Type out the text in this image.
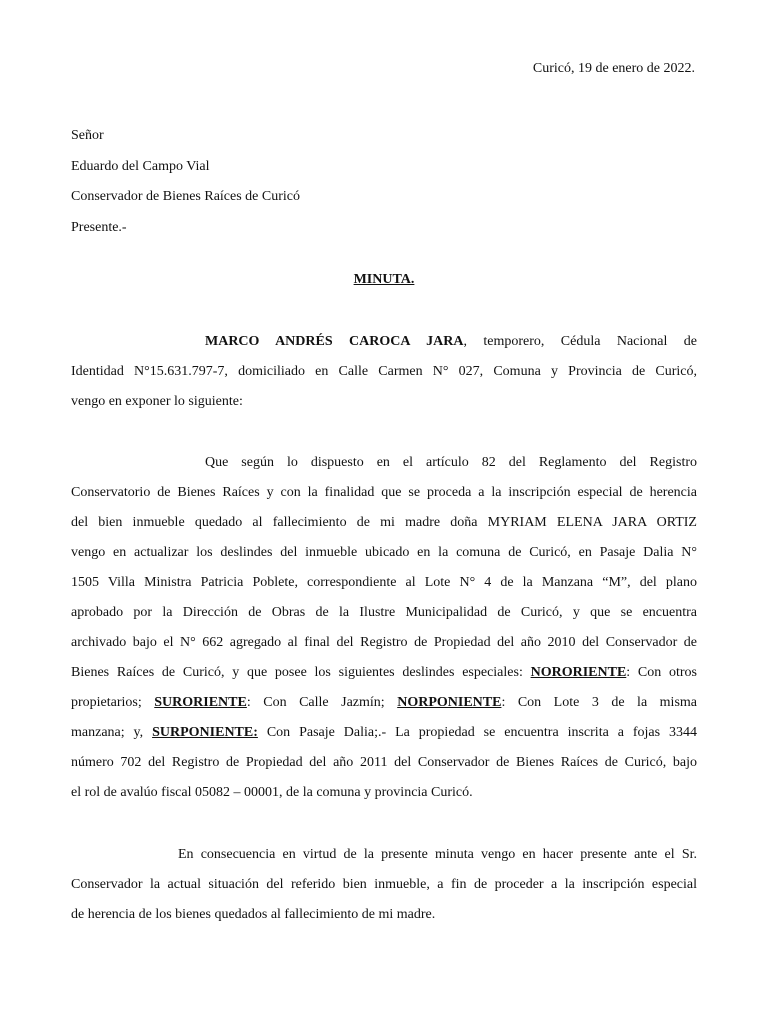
Curicó, 19 de enero de 2022.
Señor
Eduardo del Campo Vial
Conservador de Bienes Raíces de Curicó
Presente.-
MINUTA.
MARCO ANDRÉS CAROCA JARA, temporero, Cédula Nacional de
Identidad N°15.631.797-7, domiciliado en Calle Carmen N° 027, Comuna y Provincia de Curicó,
vengo en exponer lo siguiente:
Que según lo dispuesto en el artículo 82 del Reglamento del Registro
Conservatorio de Bienes Raíces y con la finalidad que se proceda a la inscripción especial de herencia
del bien inmueble quedado al fallecimiento de mi madre doña MYRIAM ELENA JARA ORTIZ
vengo en actualizar los deslindes del inmueble ubicado en la comuna de Curicó, en Pasaje Dalia N°
1505 Villa Ministra Patricia Poblete, correspondiente al Lote N° 4 de la Manzana “M”, del plano
aprobado por la Dirección de Obras de la Ilustre Municipalidad de Curicó, y que se encuentra
archivado bajo el N° 662 agregado al final del Registro de Propiedad del año 2010 del Conservador de
Bienes Raíces de Curicó, y que posee los siguientes deslindes especiales: NORORIENTE: Con otros
propietarios; SURORIENTE: Con Calle Jazmín; NORPONIENTE: Con Lote 3 de la misma
manzana; y, SURPONIENTE: Con Pasaje Dalia;.- La propiedad se encuentra inscrita a fojas 3344
número 702 del Registro de Propiedad del año 2011 del Conservador de Bienes Raíces de Curicó, bajo
el rol de avalúo fiscal 05082 – 00001, de la comuna y provincia Curicó.
En consecuencia en virtud de la presente minuta vengo en hacer presente ante el Sr.
Conservador la actual situación del referido bien inmueble, a fin de proceder a la inscripción especial
de herencia de los bienes quedados al fallecimiento de mi madre.
